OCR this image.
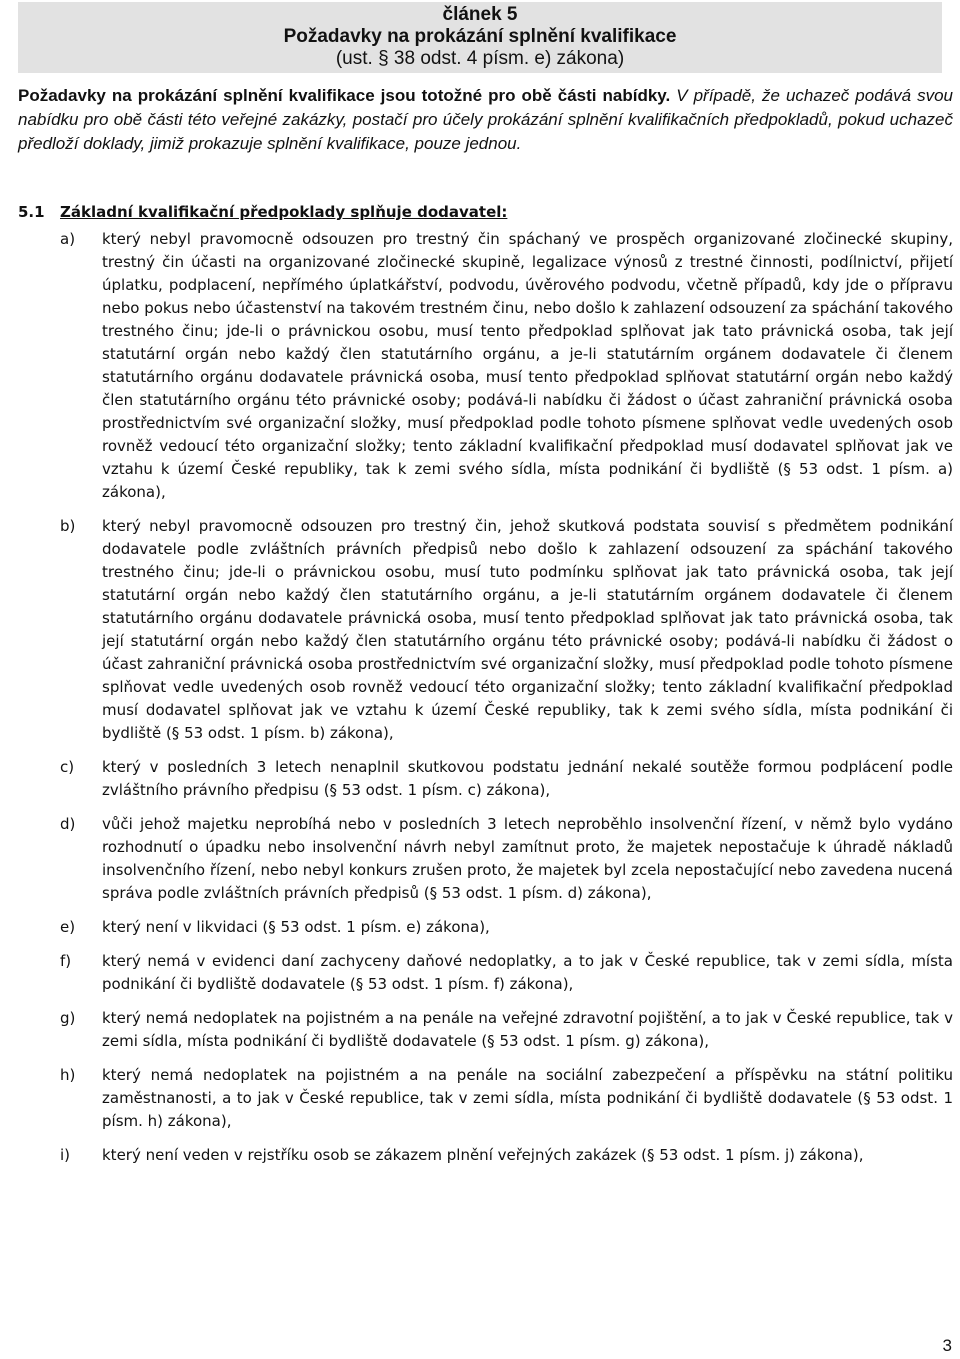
článek 5
Požadavky na prokázání splnění kvalifikace
(ust. § 38 odst. 4 písm. e) zákona)
Požadavky na prokázání splnění kvalifikace jsou totožné pro obě části nabídky. V případě, že uchazeč podává svou nabídku pro obě části této veřejné zakázky, postačí pro účely prokázání splnění kvalifikačních předpokladů, pokud uchazeč předloží doklady, jimiž prokazuje splnění kvalifikace, pouze jednou.
5.1 Základní kvalifikační předpoklady splňuje dodavatel:
a)	který nebyl pravomocně odsouzen pro trestný čin spáchaný ve prospěch organizované zločinecké skupiny, trestný čin účasti na organizované zločinecké skupině, legalizace výnosů z trestné činnosti, podílnictví, přijetí úplatku, podplacení, nepřímého úplatkářství, podvodu, úvěrového podvodu, včetně případů, kdy jde o přípravu nebo pokus nebo účastenství na takovém trestném činu, nebo došlo k zahlazení odsouzení za spáchání takového trestného činu; jde-li o právnickou osobu, musí tento předpoklad splňovat jak tato právnická osoba, tak její statutární orgán nebo každý člen statutárního orgánu, a je-li statutárním orgánem dodavatele či členem statutárního orgánu dodavatele právnická osoba, musí tento předpoklad splňovat statutární orgán nebo každý člen statutárního orgánu této právnické osoby; podává-li nabídku či žádost o účast zahraniční právnická osoba prostřednictvím své organizační složky, musí předpoklad podle tohoto písmene splňovat vedle uvedených osob rovněž vedoucí této organizační složky; tento základní kvalifikační předpoklad musí dodavatel splňovat jak ve vztahu k území České republiky, tak k zemi svého sídla, místa podnikání či bydliště (§ 53 odst. 1 písm. a) zákona),
b)	který nebyl pravomocně odsouzen pro trestný čin, jehož skutková podstata souvisí s předmětem podnikání dodavatele podle zvláštních právních předpisů nebo došlo k zahlazení odsouzení za spáchání takového trestného činu; jde-li o právnickou osobu, musí tuto podmínku splňovat jak tato právnická osoba, tak její statutární orgán nebo každý člen statutárního orgánu, a je-li statutárním orgánem dodavatele či členem statutárního orgánu dodavatele právnická osoba, musí tento předpoklad splňovat jak tato právnická osoba, tak její statutární orgán nebo každý člen statutárního orgánu této právnické osoby; podává-li nabídku či žádost o účast zahraniční právnická osoba prostřednictvím své organizační složky, musí předpoklad podle tohoto písmene splňovat vedle uvedených osob rovněž vedoucí této organizační složky; tento základní kvalifikační předpoklad musí dodavatel splňovat jak ve vztahu k území České republiky, tak k zemi svého sídla, místa podnikání či bydliště (§ 53 odst. 1 písm. b) zákona),
c)	který v posledních 3 letech nenaplnil skutkovou podstatu jednání nekalé soutěže formou podplácení podle zvláštního právního předpisu (§ 53 odst. 1 písm. c) zákona),
d)	vůči jehož majetku neprobíhá nebo v posledních 3 letech neproběhlo insolvenční řízení, v němž bylo vydáno rozhodnutí o úpadku nebo insolvenční návrh nebyl zamítnut proto, že majetek nepostačuje k úhradě nákladů insolvenčního řízení, nebo nebyl konkurs zrušen proto, že majetek byl zcela nepostačující nebo zavedena nucená správa podle zvláštních právních předpisů (§ 53 odst. 1 písm. d) zákona),
e)	který není v likvidaci (§ 53 odst. 1 písm. e) zákona),
f)	který nemá v evidenci daní zachyceny daňové nedoplatky, a to jak v České republice, tak v zemi sídla, místa podnikání či bydliště dodavatele (§ 53 odst. 1 písm. f) zákona),
g)	který nemá nedoplatek na pojistném a na penále na veřejné zdravotní pojištění, a to jak v České republice, tak v zemi sídla, místa podnikání či bydliště dodavatele (§ 53 odst. 1 písm. g) zákona),
h)	který nemá nedoplatek na pojistném a na penále na sociální zabezpečení a příspěvku na státní politiku zaměstnanosti, a to jak v České republice, tak v zemi sídla, místa podnikání či bydliště dodavatele (§ 53 odst. 1 písm. h) zákona),
i)	který není veden v rejstříku osob se zákazem plnění veřejných zakázek (§ 53 odst. 1 písm. j) zákona),
3
